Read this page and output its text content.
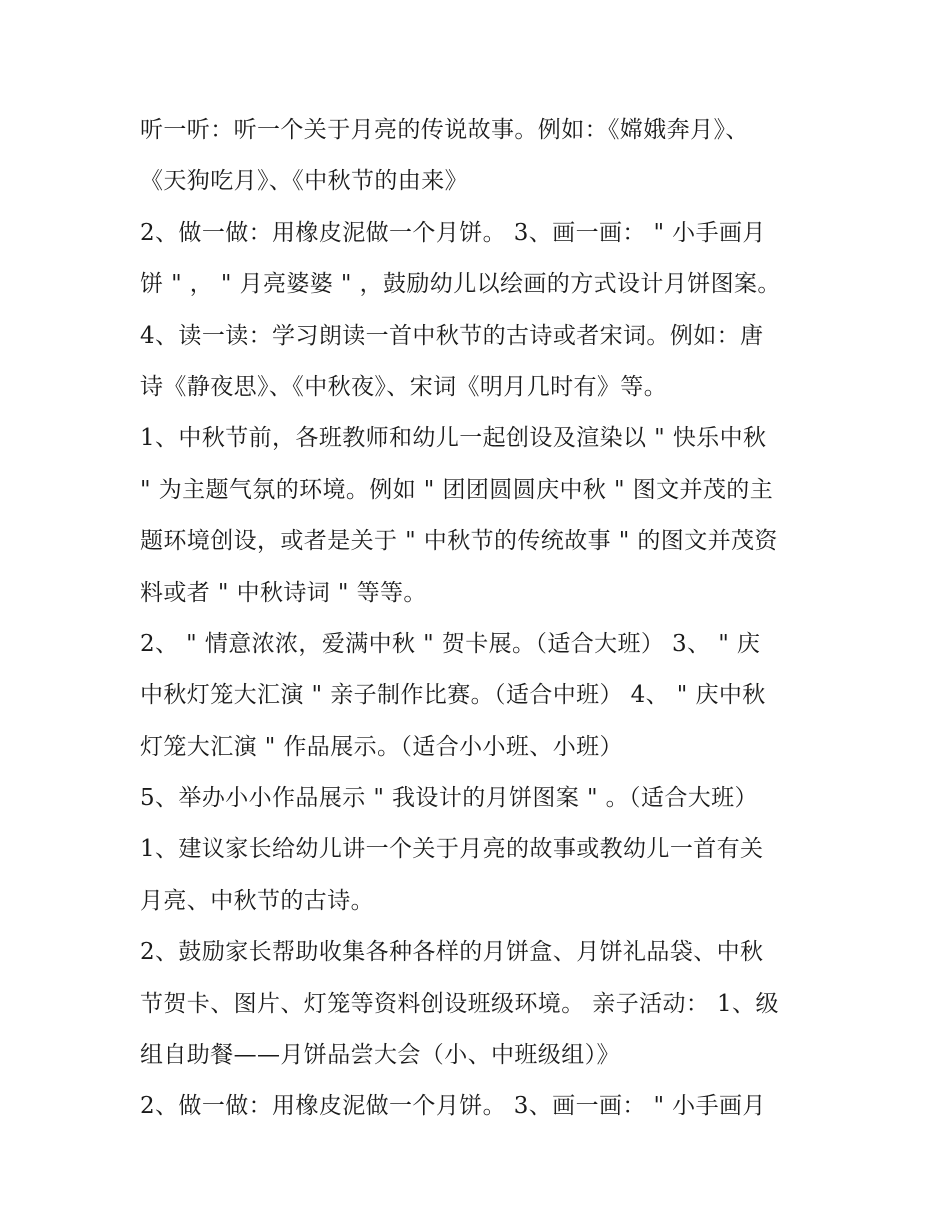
听一听：听一个关于月亮的传说故事。例如：《嫦娥奔月》、
《天狗吃月》、《中秋节的由来》
2、做一做：用橡皮泥做一个月饼。 3、画一画： " 小手画月
饼 " ， " 月亮婆婆 " ，鼓励幼儿以绘画的方式设计月饼图案。
4、读一读：学习朗读一首中秋节的古诗或者宋词。例如：唐
诗《静夜思》、《中秋夜》、宋词《明月几时有》等。
1、中秋节前，各班教师和幼儿一起创设及渲染以 " 快乐中秋
" 为主题气氛的环境。例如 " 团团圆圆庆中秋 " 图文并茂的主
题环境创设，或者是关于 " 中秋节的传统故事 " 的图文并茂资
料或者 " 中秋诗词 " 等等。
2、 " 情意浓浓，爱满中秋 " 贺卡展。（适合大班） 3、 " 庆
中秋灯笼大汇演 " 亲子制作比赛。（适合中班） 4、 " 庆中秋
灯笼大汇演 " 作品展示。（适合小小班、小班）
5、举办小小作品展示 " 我设计的月饼图案 " 。（适合大班）
1、建议家长给幼儿讲一个关于月亮的故事或教幼儿一首有关
月亮、中秋节的古诗。
2、鼓励家长帮助收集各种各样的月饼盒、月饼礼品袋、中秋
节贺卡、图片、灯笼等资料创设班级环境。 亲子活动： 1、级
组自助餐——月饼品尝大会（小、中班级组）》
2、做一做：用橡皮泥做一个月饼。 3、画一画： " 小手画月
